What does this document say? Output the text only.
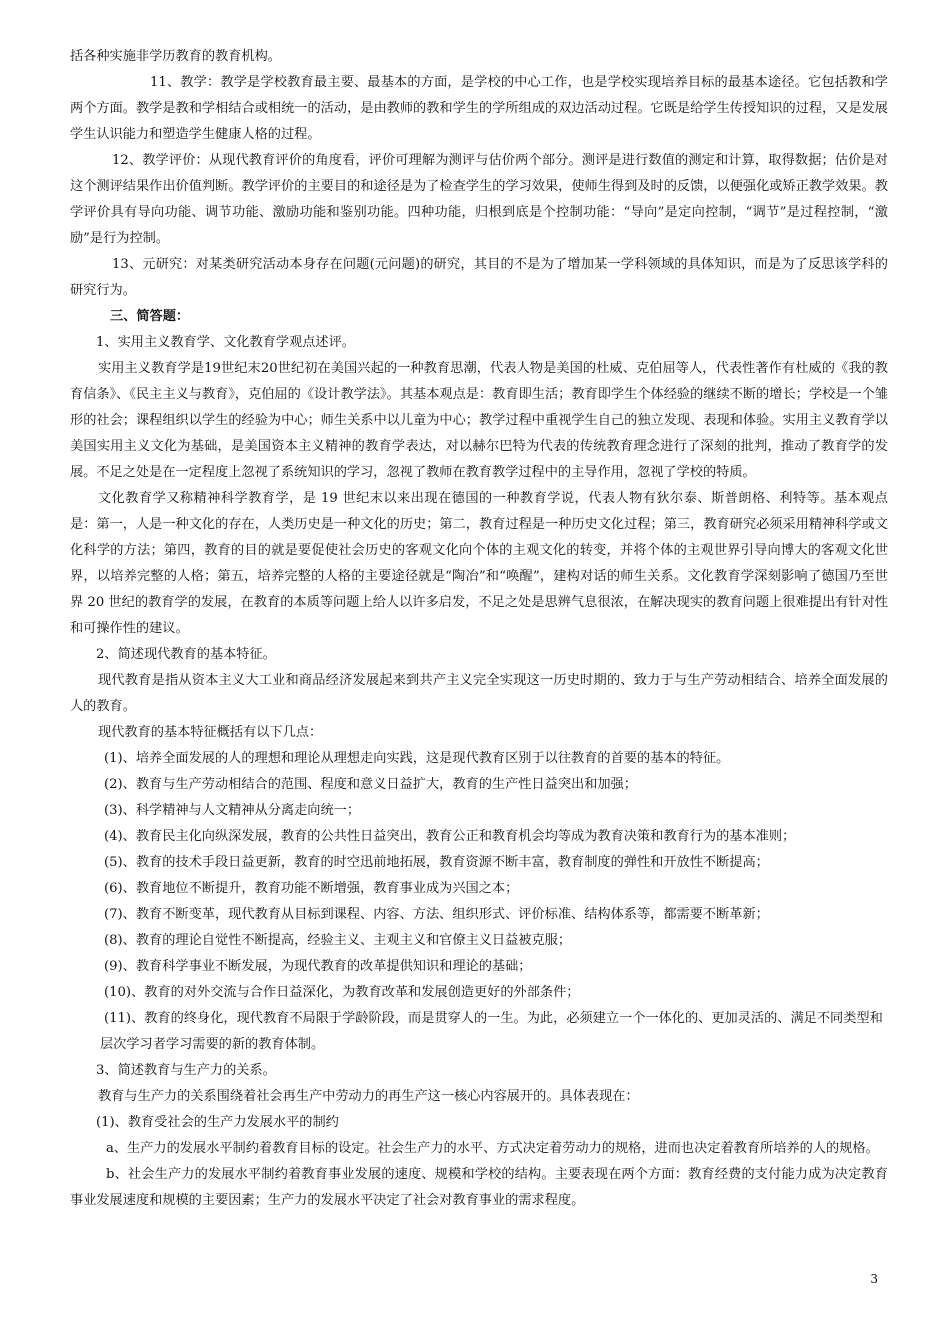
括各种实施非学历教育的教育机构。

11、教学：教学是学校教育最主要、最基本的方面，是学校的中心工作，也是学校实现培养目标的最基本途径。它包括教和学两个方面。教学是教和学相结合或相统一的活动，是由教师的教和学生的学所组成的双边活动过程。它既是给学生传授知识的过程，又是发展学生认识能力和塑造学生健康人格的过程。

12、教学评价：从现代教育评价的角度看，评价可理解为测评与估价两个部分。测评是进行数值的测定和计算，取得数据；估价是对这个测评结果作出价值判断。教学评价的主要目的和途径是为了检查学生的学习效果，使师生得到及时的反馈，以便强化或矫正教学效果。教学评价具有导向功能、调节功能、激励功能和鉴别功能。四种功能，归根到底是个控制功能：“导向”是定向控制，“调节”是过程控制，“激励”是行为控制。

13、元研究：对某类研究活动本身存在问题(元问题)的研究，其目的不是为了增加某一学科领域的具体知识，而是为了反思该学科的研究行为。

三、简答题：

1、实用主义教育学、文化教育学观点述评。

实用主义教育学是19世纪末20世纪初在美国兴起的一种教育思潮，代表人物是美国的杜威、克伯屈等人，代表性著作有杜威的《我的教育信条》、《民主主义与教育》，克伯屈的《设计教学法》。其基本观点是：教育即生活；教育即学生个体经验的继续不断的增长；学校是一个雏形的社会；课程组织以学生的经验为中心；师生关系中以儿童为中心；教学过程中重视学生自己的独立发现、表现和体验。实用主义教育学以美国实用主义文化为基础，是美国资本主义精神的教育学表达，对以赫尔巴特为代表的传统教育理念进行了深刻的批判，推动了教育学的发展。不足之处是在一定程度上忽视了系统知识的学习，忽视了教师在教育教学过程中的主导作用，忽视了学校的特质。

文化教育学又称精神科学教育学，是 19 世纪末以来出现在德国的一种教育学说，代表人物有狄尔泰、斯普朗格、利特等。基本观点是：第一，人是一种文化的存在，人类历史是一种文化的历史；第二，教育过程是一种历史文化过程；第三，教育研究必须采用精神科学或文化科学的方法；第四，教育的目的就是要促使社会历史的客观文化向个体的主观文化的转变，并将个体的主观世界引导向博大的客观文化世界，以培养完整的人格；第五，培养完整的人格的主要途径就是“陶冶”和“唤醒”，建构对话的师生关系。文化教育学深刻影响了德国乃至世界 20 世纪的教育学的发展，在教育的本质等问题上给人以许多启发，不足之处是思辨气息很浓，在解决现实的教育问题上很难提出有针对性和可操作性的建议。

2、简述现代教育的基本特征。

现代教育是指从资本主义大工业和商品经济发展起来到共产主义完全实现这一历史时期的、致力于与生产劳动相结合、培养全面发展的人的教育。

现代教育的基本特征概括有以下几点：

(1)、培养全面发展的人的理想和理论从理想走向实践，这是现代教育区别于以往教育的首要的基本的特征。

(2)、教育与生产劳动相结合的范围、程度和意义日益扩大，教育的生产性日益突出和加强；

(3)、科学精神与人文精神从分离走向统一；

(4)、教育民主化向纵深发展，教育的公共性日益突出，教育公正和教育机会均等成为教育决策和教育行为的基本准则；

(5)、教育的技术手段日益更新，教育的时空迅前地拓展，教育资源不断丰富，教育制度的弹性和开放性不断提高；

(6)、教育地位不断提升，教育功能不断增强，教育事业成为兴国之本；

(7)、教育不断变革，现代教育从目标到课程、内容、方法、组织形式、评价标准、结构体系等，都需要不断革新；

(8)、教育的理论自觉性不断提高，经验主义、主观主义和官僚主义日益被克服；

(9)、教育科学事业不断发展，为现代教育的改革提供知识和理论的基础；

(10)、教育的对外交流与合作日益深化，为教育改革和发展创造更好的外部条件；

(11)、教育的终身化，现代教育不局限于学龄阶段，而是贯穿人的一生。为此，必须建立一个一体化的、更加灵活的、满足不同类型和层次学习者学习需要的新的教育体制。

3、简述教育与生产力的关系。

教育与生产力的关系围绕着社会再生产中劳动力的再生产这一核心内容展开的。具体表现在：

(1)、教育受社会的生产力发展水平的制约

a、生产力的发展水平制约着教育目标的设定。社会生产力的水平、方式决定着劳动力的规格，进而也决定着教育所培养的人的规格。

b、社会生产力的发展水平制约着教育事业发展的速度、规模和学校的结构。主要表现在两个方面：教育经费的支付能力成为决定教育事业发展速度和规模的主要因素；生产力的发展水平决定了社会对教育事业的需求程度。

3
